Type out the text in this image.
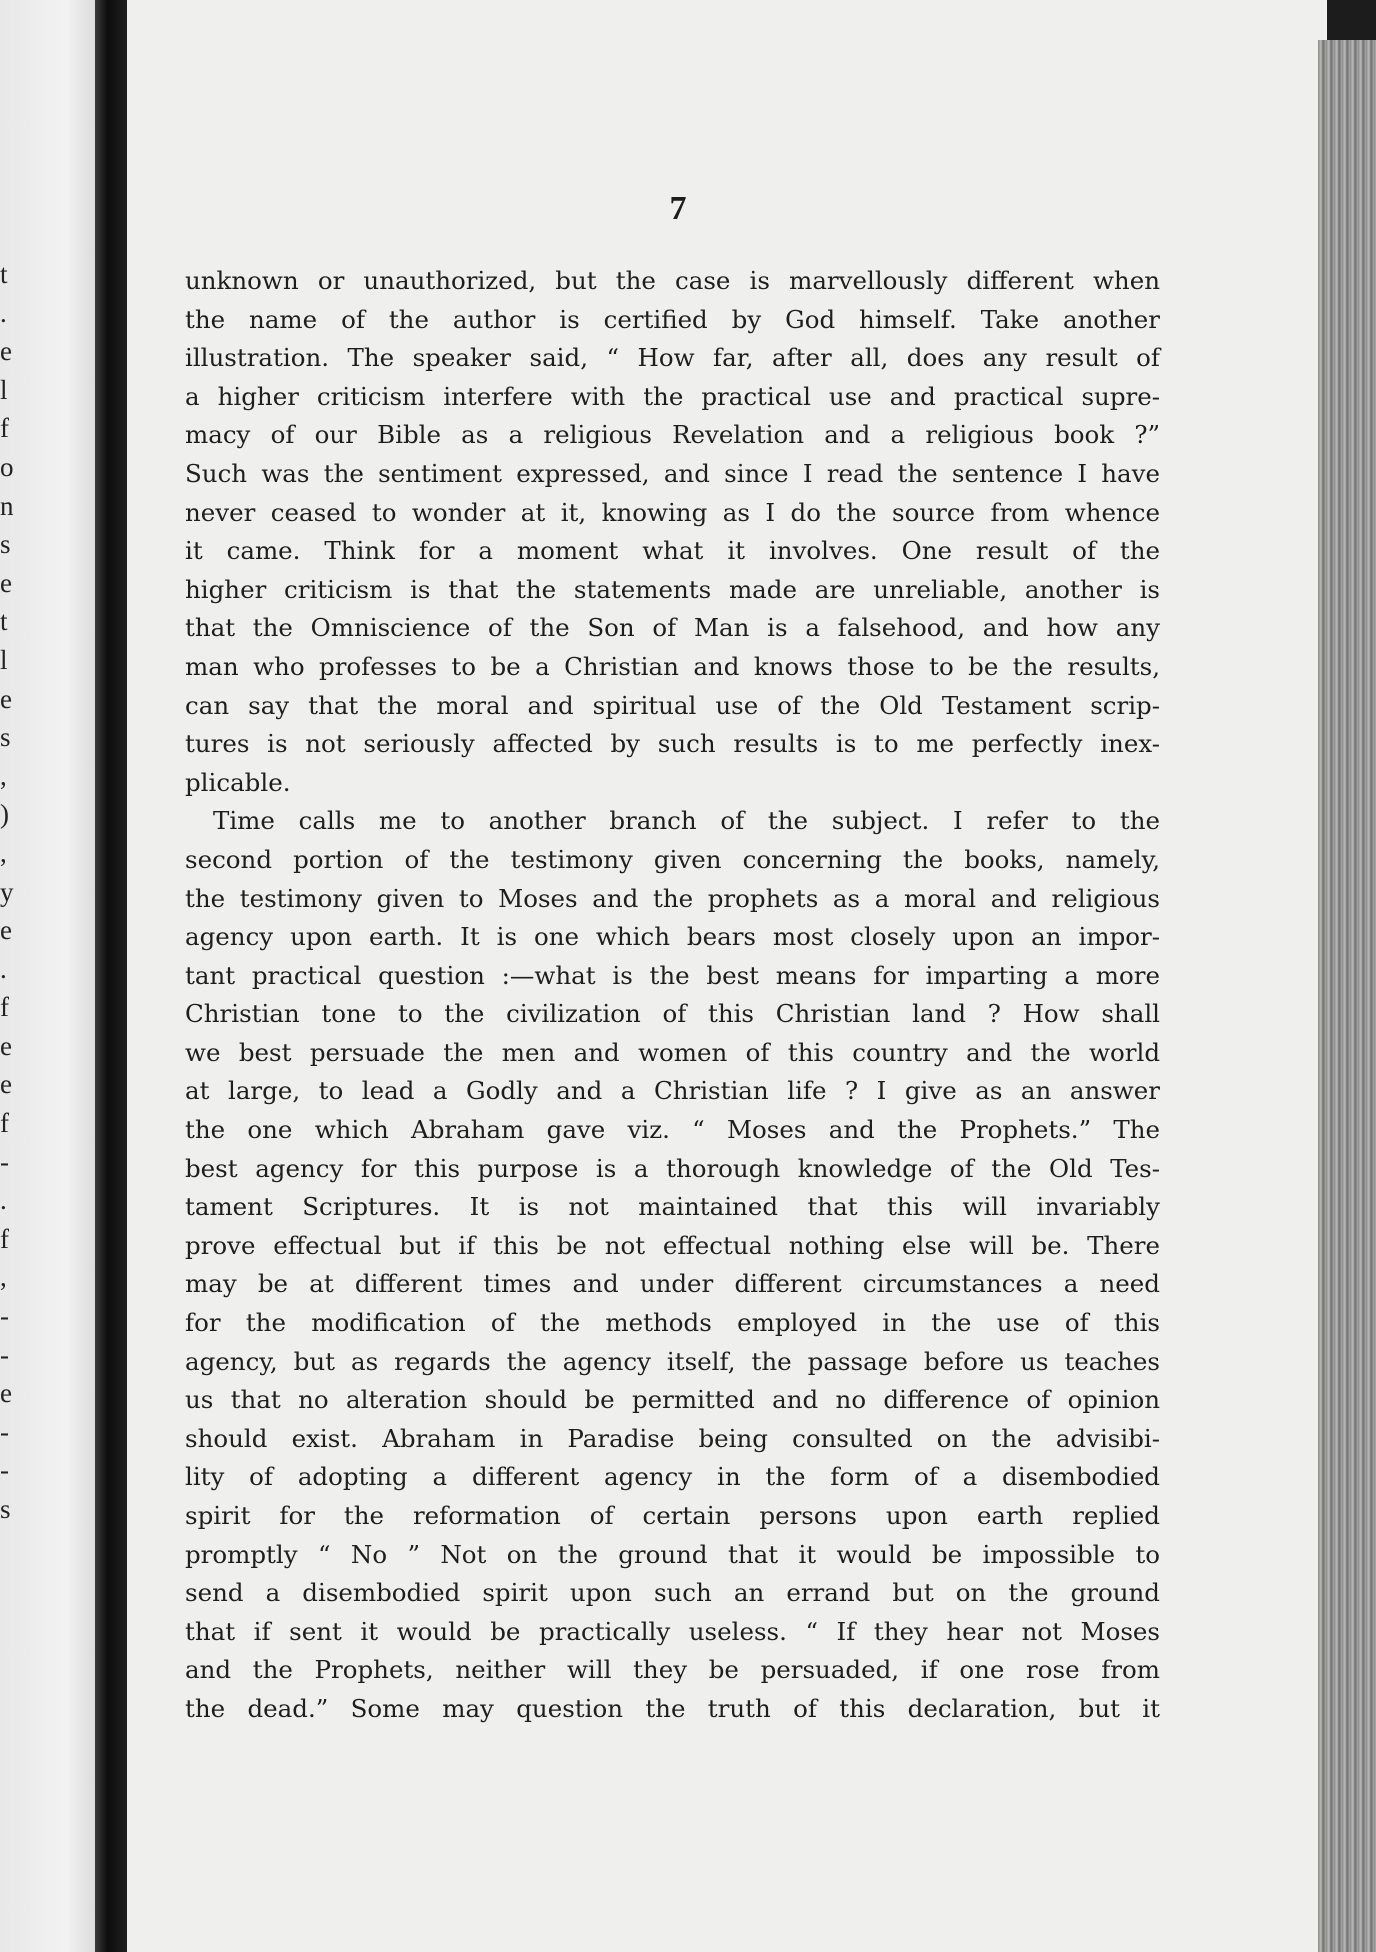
t
.
e
l
f
o
n
s
e
t
l
e
s
,
)
,
y
e
.
f
e
e
f
-
.
f
,
-
-
e
-
-
s
7
unknown or unauthorized, but the case is marvellously different when
the name of the author is certified by God himself. Take another
illustration. The speaker said, “ How far, after all, does any result of
a higher criticism interfere with the practical use and practical supre-
macy of our Bible as a religious Revelation and a religious book ?”
Such was the sentiment expressed, and since I read the sentence I have
never ceased to wonder at it, knowing as I do the source from whence
it came. Think for a moment what it involves. One result of the
higher criticism is that the statements made are unreliable, another is
that the Omniscience of the Son of Man is a falsehood, and how any
man who professes to be a Christian and knows those to be the results,
can say that the moral and spiritual use of the Old Testament scrip-
tures is not seriously affected by such results is to me perfectly inex-
plicable.
Time calls me to another branch of the subject. I refer to the
second portion of the testimony given concerning the books, namely,
the testimony given to Moses and the prophets as a moral and religious
agency upon earth. It is one which bears most closely upon an impor-
tant practical question :—what is the best means for imparting a more
Christian tone to the civilization of this Christian land ? How shall
we best persuade the men and women of this country and the world
at large, to lead a Godly and a Christian life ? I give as an answer
the one which Abraham gave viz. “ Moses and the Prophets.” The
best agency for this purpose is a thorough knowledge of the Old Tes-
tament Scriptures. It is not maintained that this will invariably
prove effectual but if this be not effectual nothing else will be. There
may be at different times and under different circumstances a need
for the modification of the methods employed in the use of this
agency, but as regards the agency itself, the passage before us teaches
us that no alteration should be permitted and no difference of opinion
should exist. Abraham in Paradise being consulted on the advisibi-
lity of adopting a different agency in the form of a disembodied
spirit for the reformation of certain persons upon earth replied
promptly “ No ” Not on the ground that it would be impossible to
send a disembodied spirit upon such an errand but on the ground
that if sent it would be practically useless. “ If they hear not Moses
and the Prophets, neither will they be persuaded, if one rose from
the dead.” Some may question the truth of this declaration, but it
